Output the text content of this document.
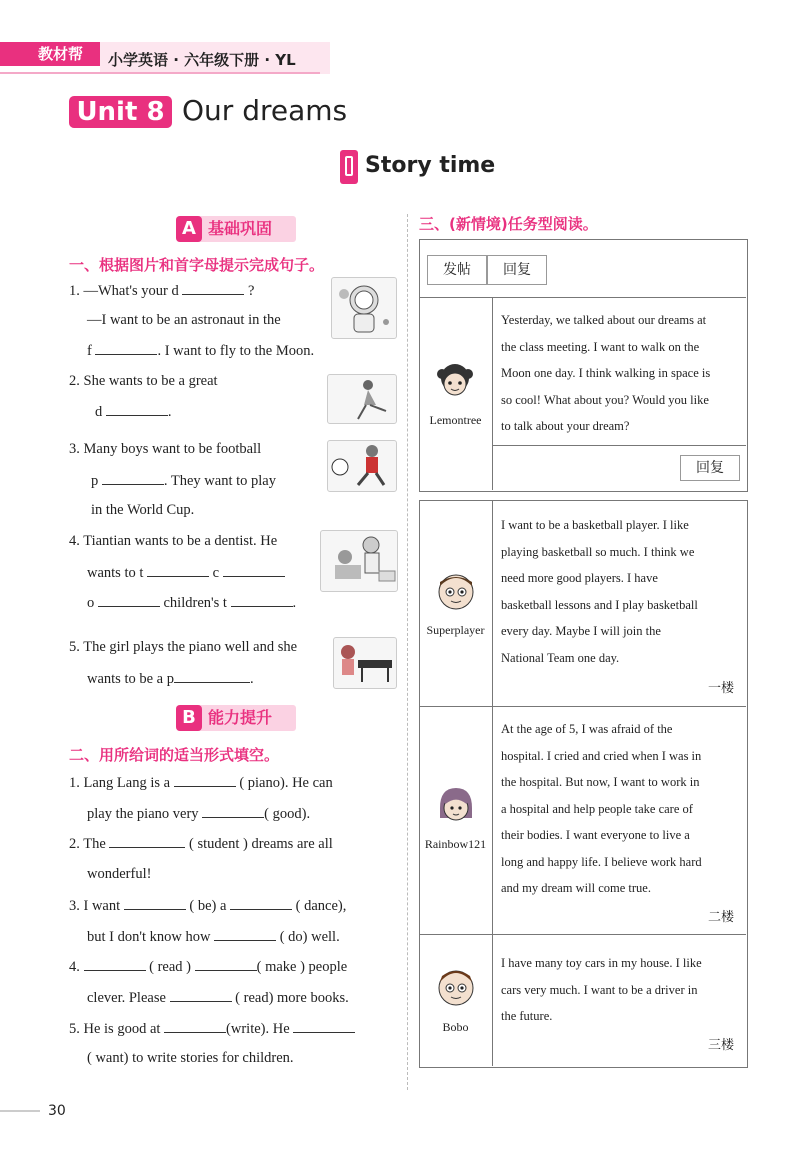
教材帮	小学英语 · 六年级下册 · YL
Unit 8 Our dreams
Story time
A 基础巩固
一、根据图片和首字母提示完成句子。
1. —What's your d	?
—I want to be an astronaut in the
f	. I want to fly to the Moon.
2. She wants to be a great
d	.
3. Many boys want to be football
p	. They want to play
in the World Cup.
4. Tiantian wants to be a dentist. He
wants to t	c
o	children's t	.
5. The girl plays the piano well and she
wants to be a p	.
B 能力提升
二、用所给词的适当形式填空。
1. Lang Lang is a	( piano). He can
play the piano very	( good).
2. The	( student ) dreams are all
wonderful!
3. I want	( be) a	( dance),
but I don't know how	( do) well.
4.	( read )	( make ) people
clever. Please	( read) more books.
5. He is good at	(write). He
( want) to write stories for children.
三、(新情境)任务型阅读。
发帖	回复
Lemontree
Yesterday, we talked about our dreams at
the class meeting. I want to walk on the
Moon one day. I think walking in space is
so cool! What about you? Would you like
to talk about your dream?
回复
Superplayer
I want to be a basketball player. I like
playing basketball so much. I think we
need more good players. I have
basketball lessons and I play basketball
every day. Maybe I will join the
National Team one day.
一楼
Rainbow121
At the age of 5, I was afraid of the
hospital. I cried and cried when I was in
the hospital. But now, I want to work in
a hospital and help people take care of
their bodies. I want everyone to live a
long and happy life. I believe work hard
and my dream will come true.
二楼
Bobo
I have many toy cars in my house. I like
cars very much. I want to be a driver in
the future.
三楼
30
